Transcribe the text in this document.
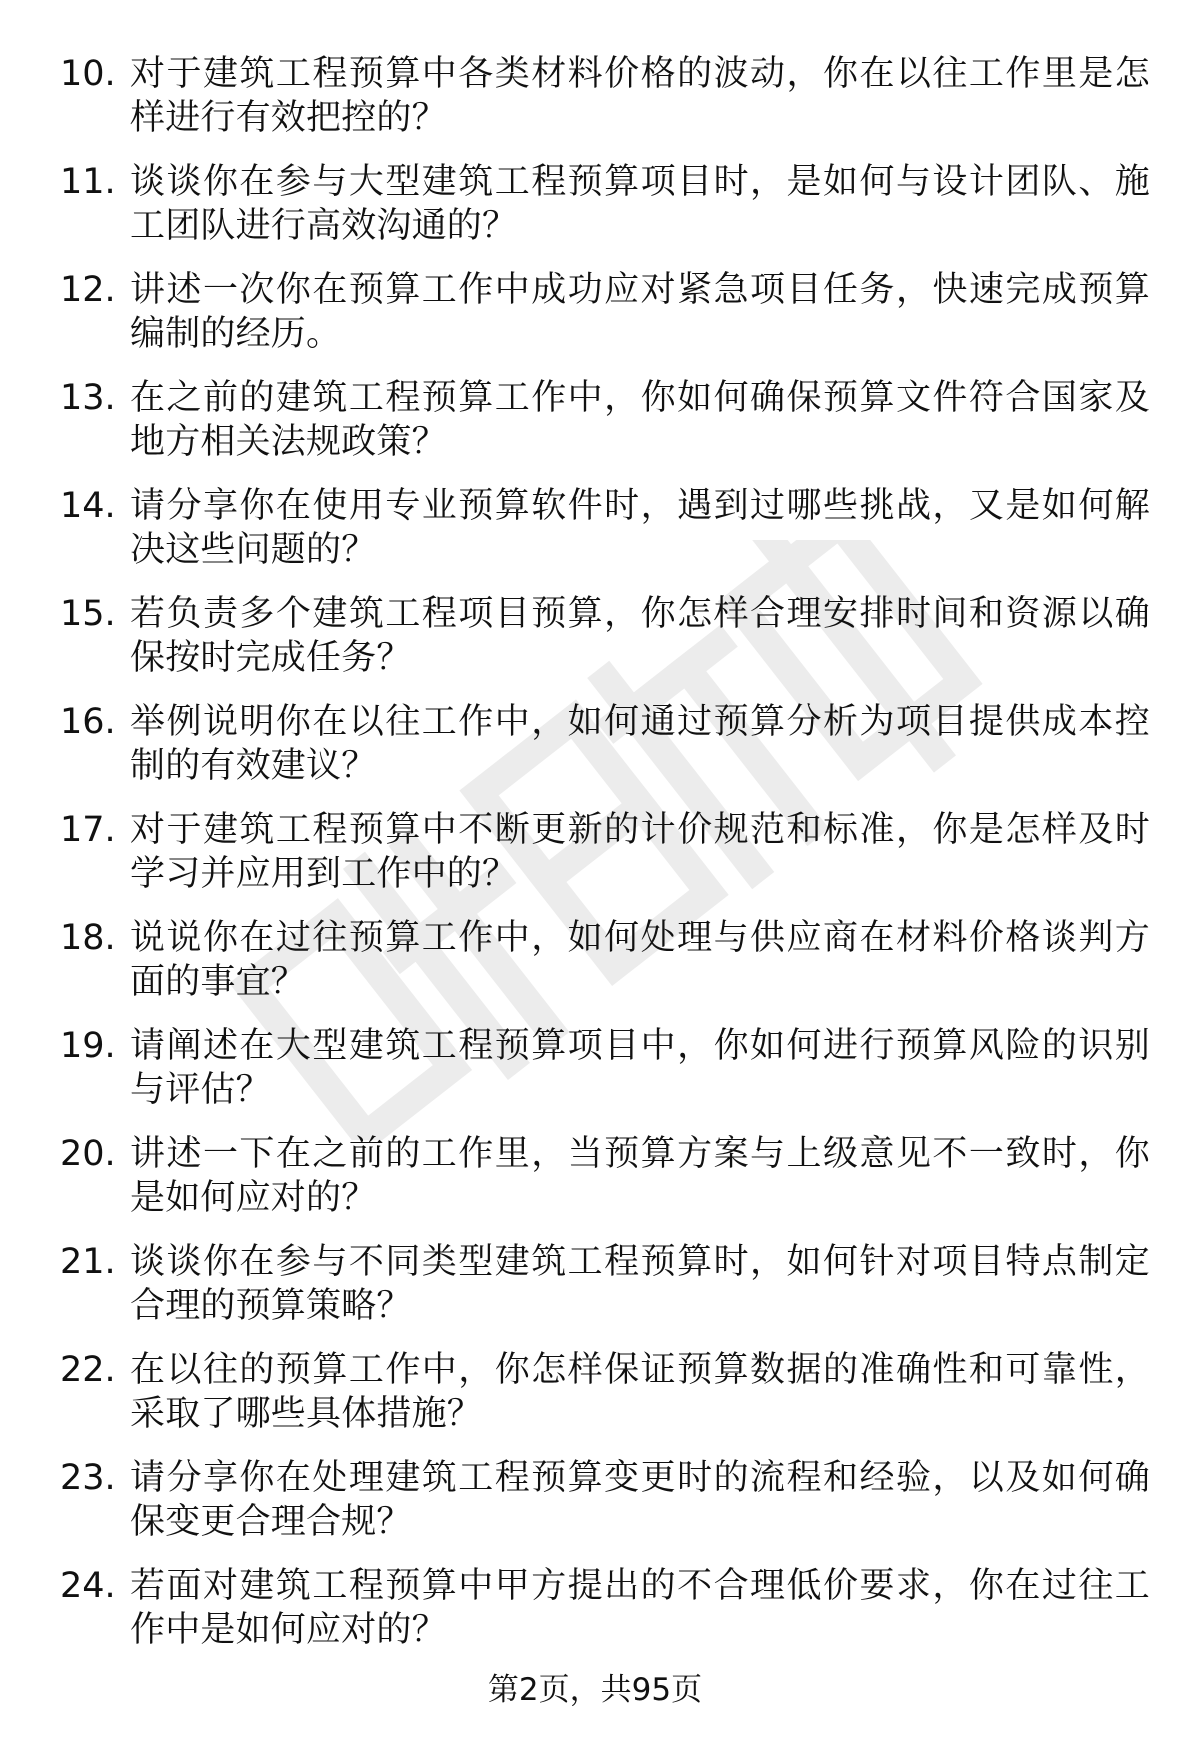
10. 对于建筑工程预算中各类材料价格的波动，你在以往工作里是怎样进行有效把控的？
11. 谈谈你在参与大型建筑工程预算项目时，是如何与设计团队、施工团队进行高效沟通的？
12. 讲述一次你在预算工作中成功应对紧急项目任务，快速完成预算编制的经历。
13. 在之前的建筑工程预算工作中，你如何确保预算文件符合国家及地方相关法规政策？
14. 请分享你在使用专业预算软件时，遇到过哪些挑战，又是如何解决这些问题的？
15. 若负责多个建筑工程项目预算，你怎样合理安排时间和资源以确保按时完成任务？
16. 举例说明你在以往工作中，如何通过预算分析为项目提供成本控制的有效建议？
17. 对于建筑工程预算中不断更新的计价规范和标准，你是怎样及时学习并应用到工作中的？
18. 说说你在过往预算工作中，如何处理与供应商在材料价格谈判方面的事宜？
19. 请阐述在大型建筑工程预算项目中，你如何进行预算风险的识别与评估？
20. 讲述一下在之前的工作里，当预算方案与上级意见不一致时，你是如何应对的？
21. 谈谈你在参与不同类型建筑工程预算时，如何针对项目特点制定合理的预算策略？
22. 在以往的预算工作中，你怎样保证预算数据的准确性和可靠性，采取了哪些具体措施？
23. 请分享你在处理建筑工程预算变更时的流程和经验，以及如何确保变更合理合规？
24. 若面对建筑工程预算中甲方提出的不合理低价要求，你在过往工作中是如何应对的？
第2页，共95页
